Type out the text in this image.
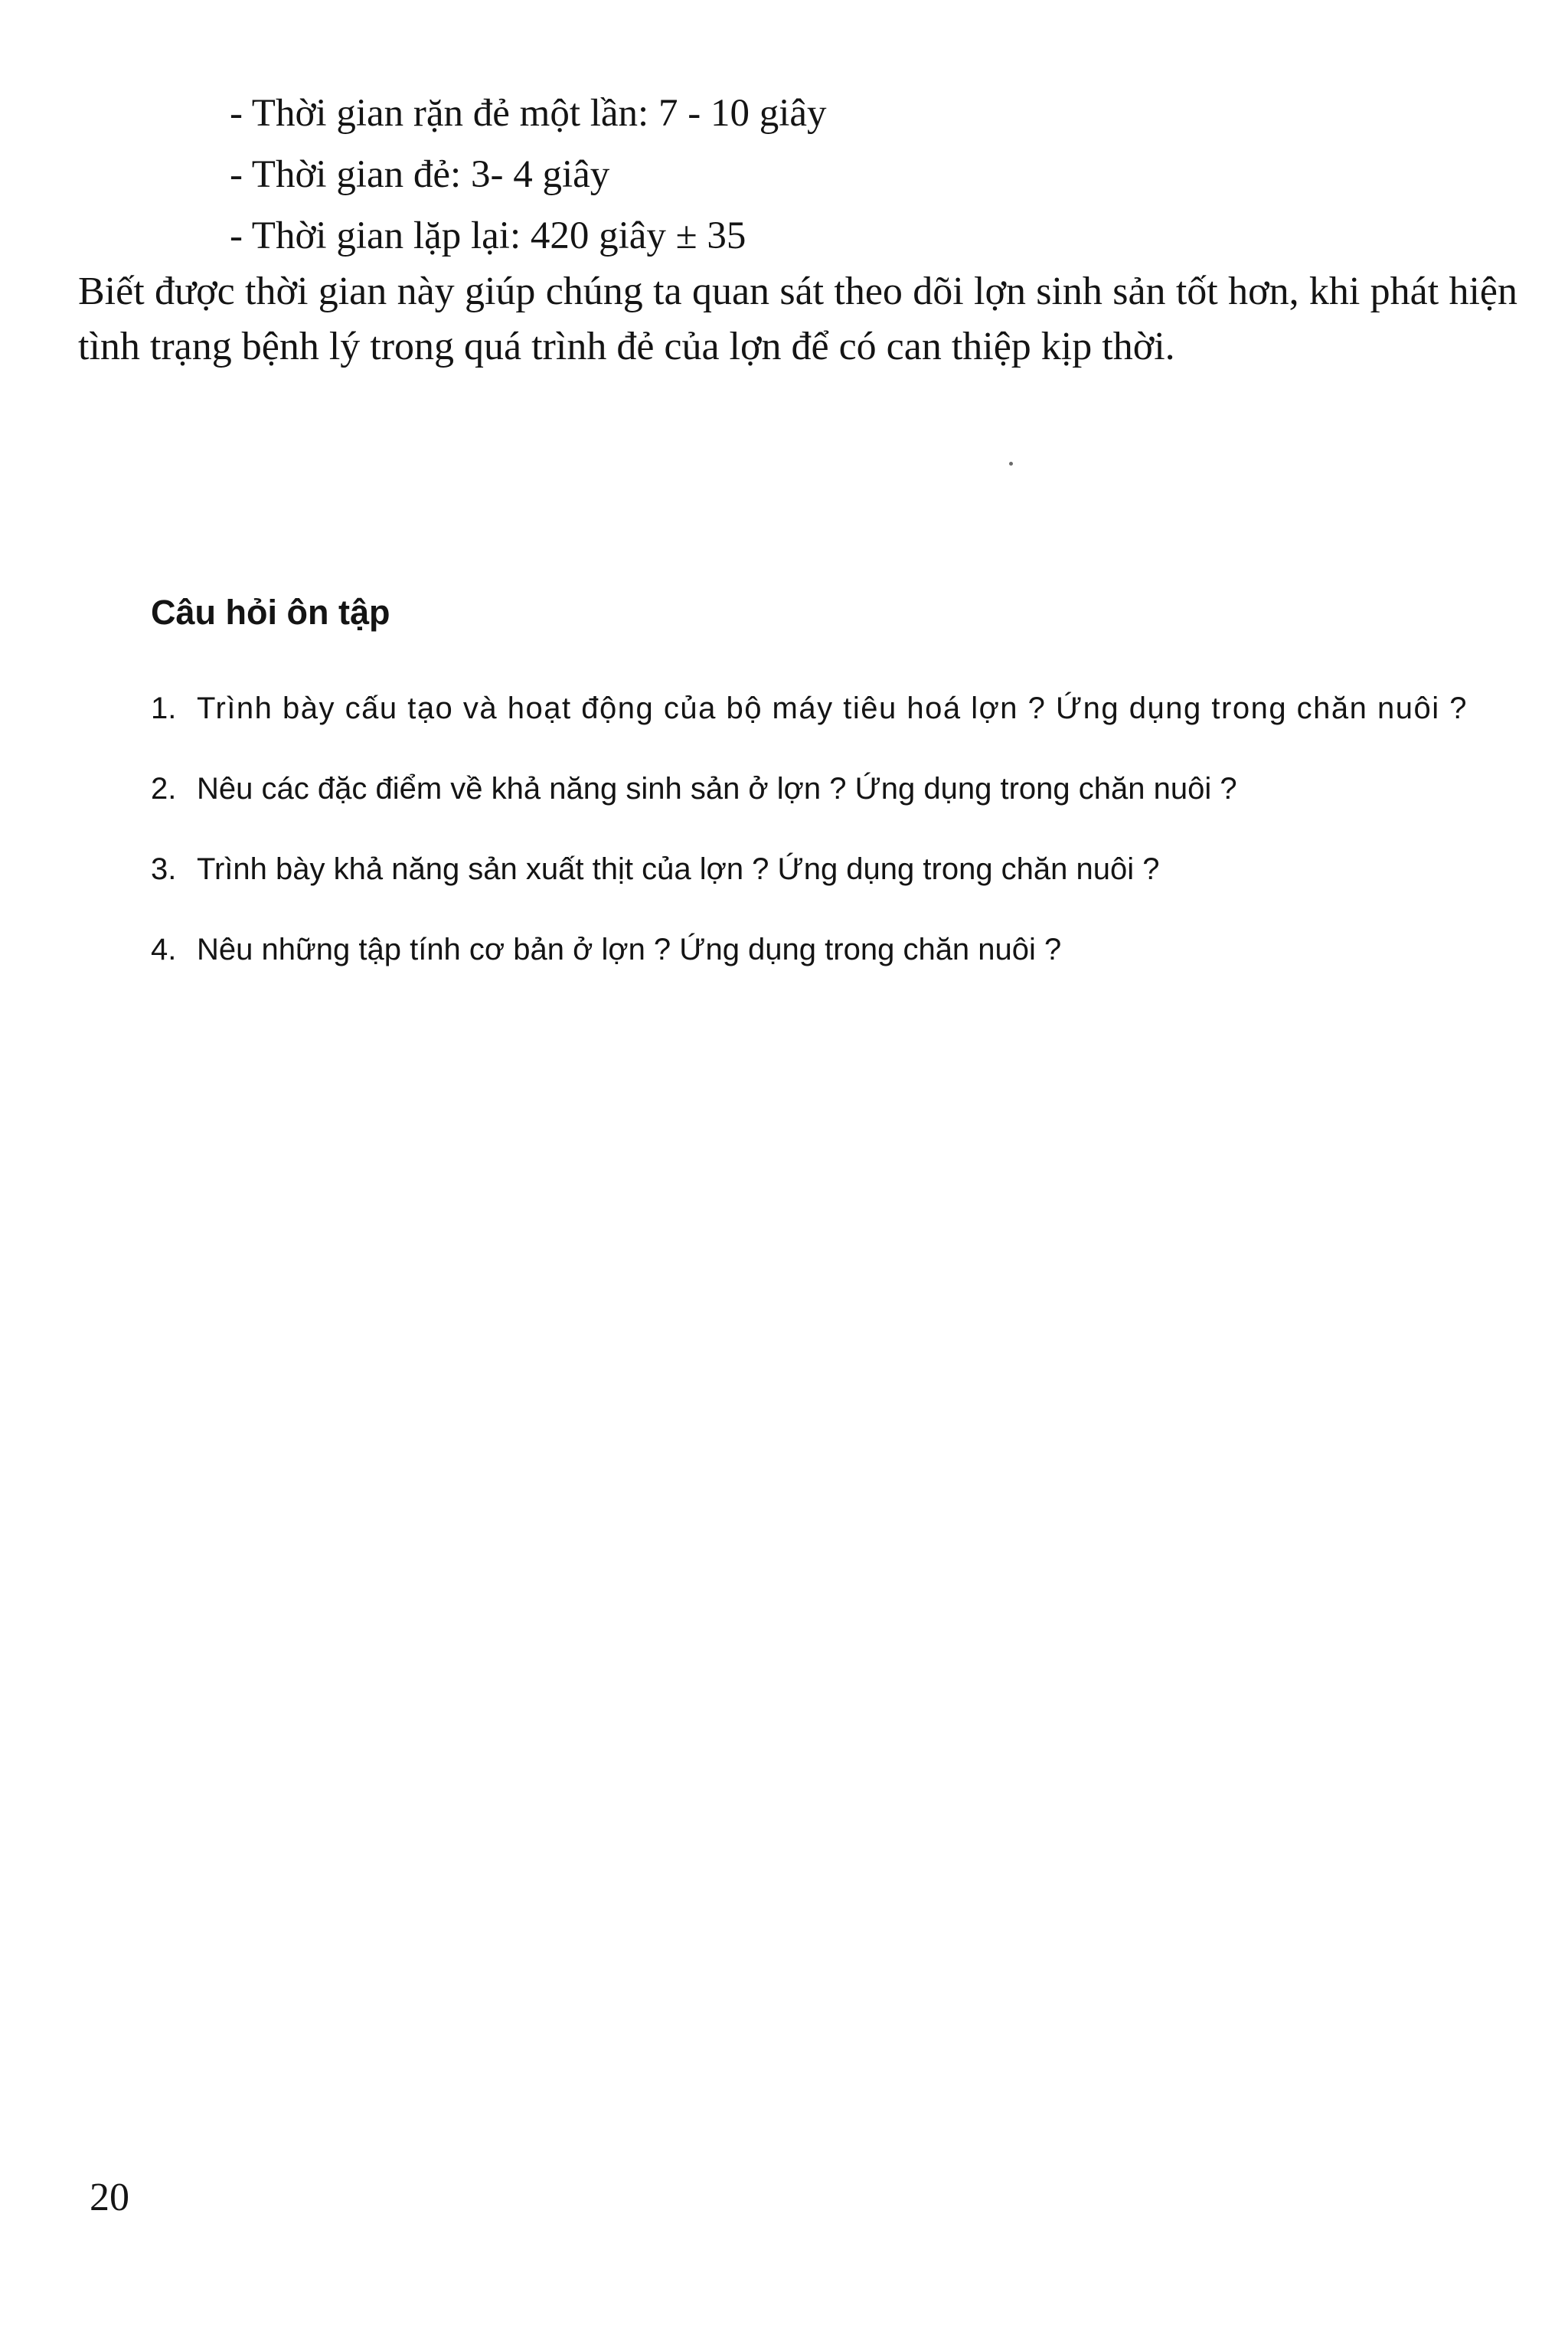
- Thời gian rặn đẻ một lần: 7 - 10 giây
- Thời gian đẻ: 3- 4 giây
- Thời gian lặp lại: 420 giây ± 35
Biết được thời gian này giúp chúng ta quan sát theo dõi lợn sinh sản tốt hơn, khi phát hiện tình trạng bệnh lý trong quá trình đẻ của lợn để có can thiệp kịp thời.
Câu hỏi ôn tập
1. Trình bày cấu tạo và hoạt động của bộ máy tiêu hoá lợn ? Ứng dụng trong chăn nuôi ?
2. Nêu các đặc điểm về khả năng sinh sản ở lợn ? Ứng dụng trong chăn nuôi ?
3. Trình bày khả năng sản xuất thịt của lợn ? Ứng dụng trong chăn nuôi ?
4. Nêu những tập tính cơ bản ở lợn ? Ứng dụng trong chăn nuôi ?
20
